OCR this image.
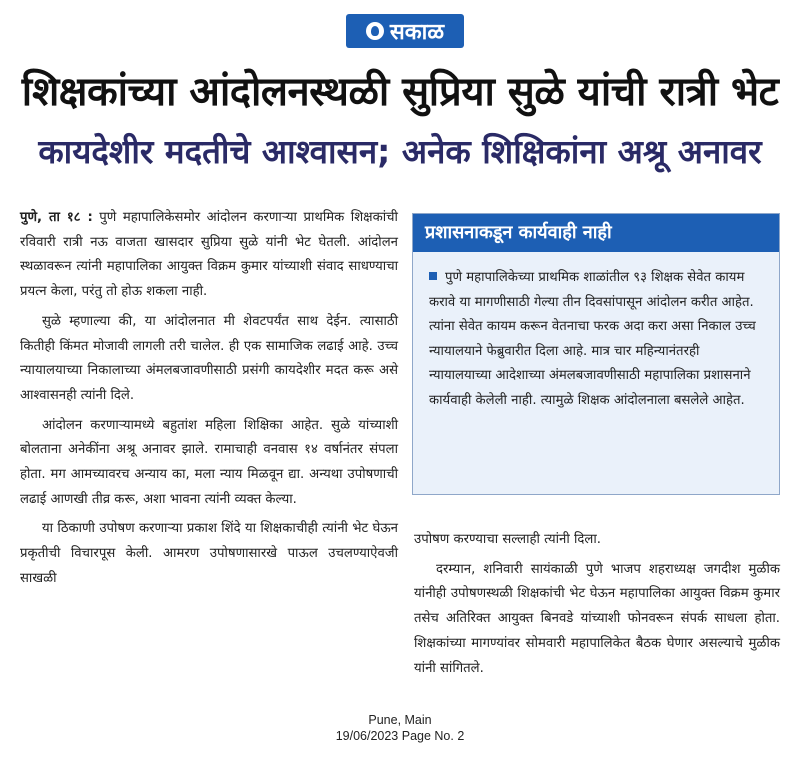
सकाळ
शिक्षकांच्या आंदोलनस्थळी सुप्रिया सुळे यांची रात्री भेट
कायदेशीर मदतीचे आश्वासन; अनेक शिक्षिकांना अश्रू अनावर

पुणे, ता १८ : पुणे महापालिकेसमोर आंदोलन करणाऱ्या प्राथमिक शिक्षकांची रविवारी रात्री नऊ वाजता खासदार सुप्रिया सुळे यांनी भेट घेतली. आंदोलन स्थळावरून त्यांनी महापालिका आयुक्त विक्रम कुमार यांच्याशी संवाद साधण्याचा प्रयत्न केला, परंतु तो होऊ शकला नाही.

सुळे म्हणाल्या की, या आंदोलनात मी शेवटपर्यंत साथ देईन. त्यासाठी कितीही किंमत मोजावी लागली तरी चालेल. ही एक सामाजिक लढाई आहे. उच्च न्यायालयाच्या निकालाच्या अंमलबजावणीसाठी प्रसंगी कायदेशीर मदत करू असे आश्वासनही त्यांनी दिले.

आंदोलन करणाऱ्यामध्ये बहुतांश महिला शिक्षिका आहेत. सुळे यांच्याशी बोलताना अनेकींना अश्रू अनावर झाले. रामाचाही वनवास १४ वर्षानंतर संपला होता. मग आमच्यावरच अन्याय का, मला न्याय मिळवून द्या. अन्यथा उपोषणाची लढाई आणखी तीव्र करू, अशा भावना त्यांनी व्यक्त केल्या.

या ठिकाणी उपोषण करणाऱ्या प्रकाश शिंदे या शिक्षकाचीही त्यांनी भेट घेऊन प्रकृतीची विचारपूस केली. आमरण उपोषणासारखे पाऊल उचलण्याऐवजी साखळी

प्रशासनाकडून कार्यवाही नाही
पुणे महापालिकेच्या प्राथमिक शाळांतील ९३ शिक्षक सेवेत कायम करावे या मागणीसाठी गेल्या तीन दिवसांपासून आंदोलन करीत आहेत. त्यांना सेवेत कायम करून वेतनाचा फरक अदा करा असा निकाल उच्च न्यायालयाने फेब्रुवारीत दिला आहे. मात्र चार महिन्यानंतरही न्यायालयाच्या आदेशाच्या अंमलबजावणीसाठी महापालिका प्रशासनाने कार्यवाही केलेली नाही. त्यामुळे शिक्षक आंदोलनाला बसलेले आहेत.

उपोषण करण्याचा सल्लाही त्यांनी दिला.

दरम्यान, शनिवारी सायंकाळी पुणे भाजप शहराध्यक्ष जगदीश मुळीक यांनीही उपोषणस्थळी शिक्षकांची भेट घेऊन महापालिका आयुक्त विक्रम कुमार तसेच अतिरिक्त आयुक्त बिनवडे यांच्याशी फोनवरून संपर्क साधला होता. शिक्षकांच्या मागण्यांवर सोमवारी महापालिकेत बैठक घेणार असल्याचे मुळीक यांनी सांगितले.

Pune, Main
19/06/2023 Page No. 2
